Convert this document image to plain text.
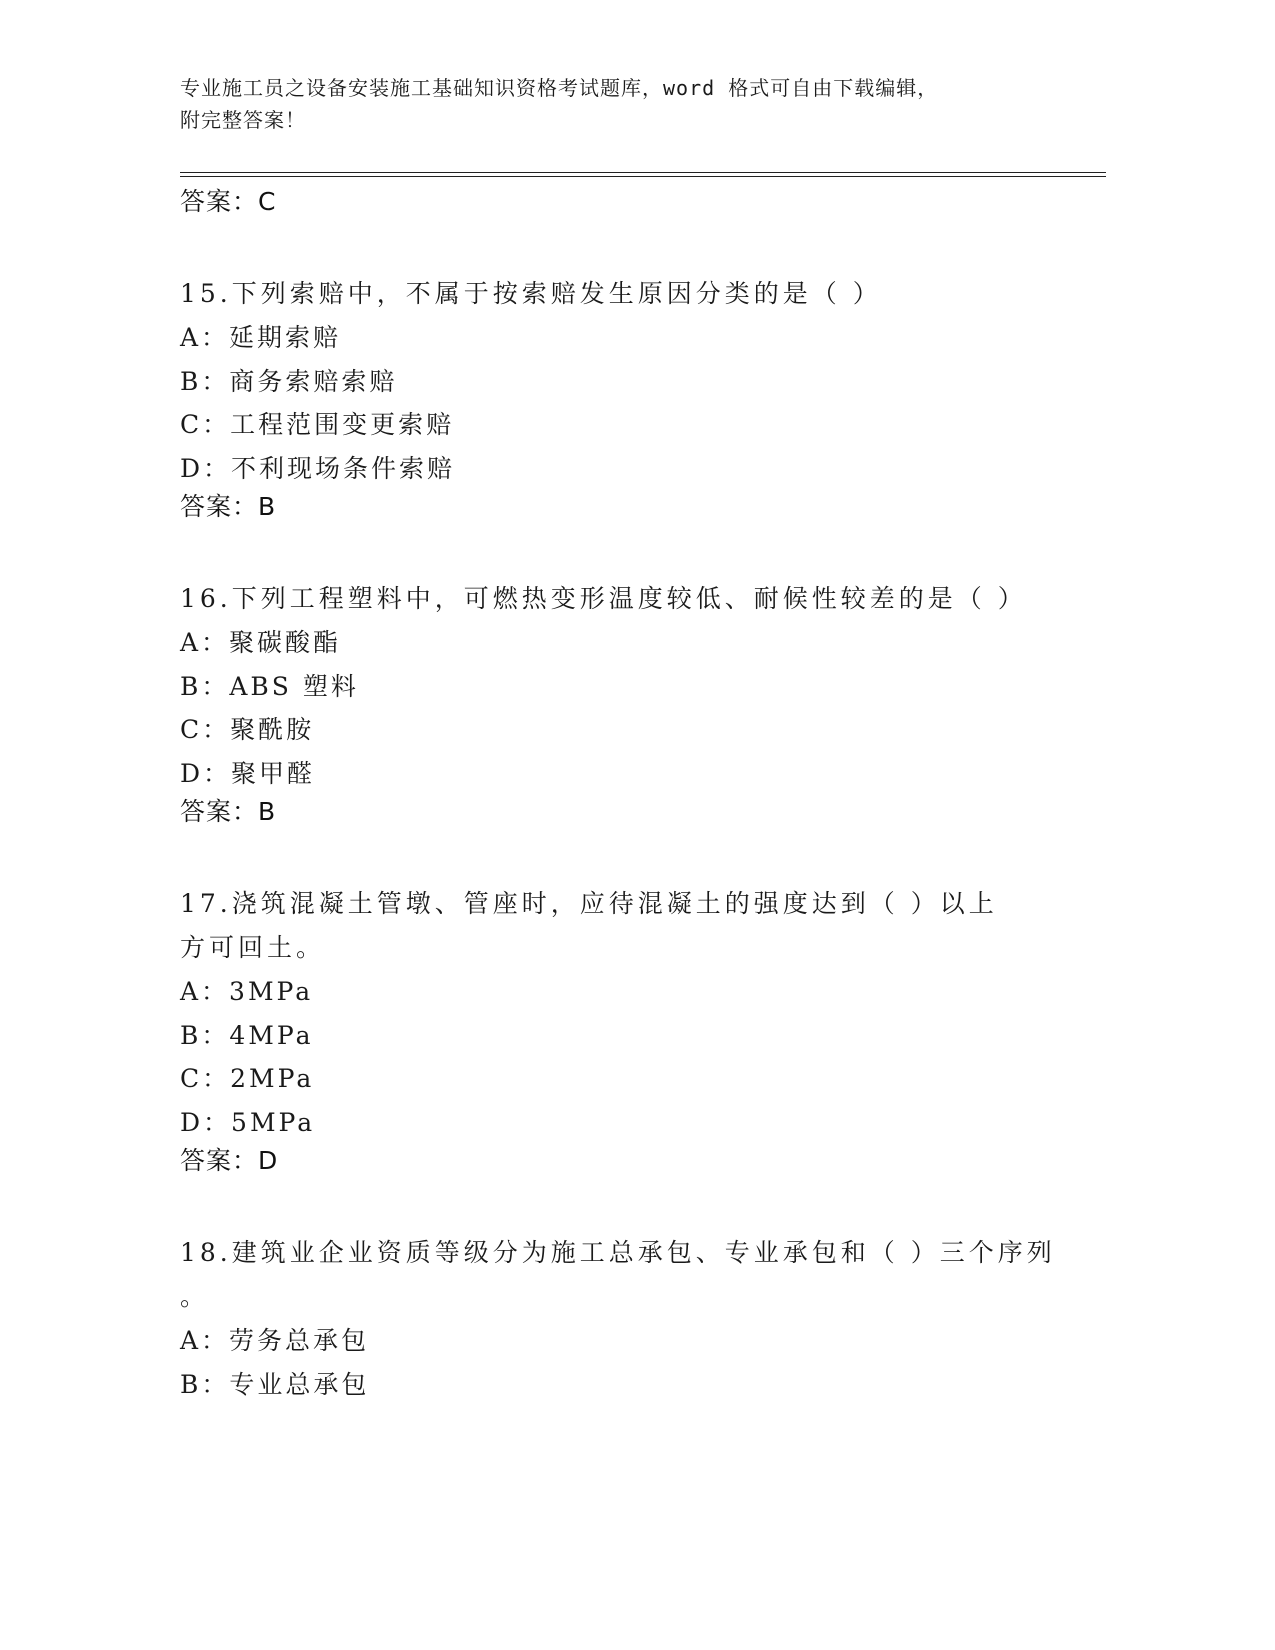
专业施工员之设备安装施工基础知识资格考试题库，word 格式可自由下载编辑，
附完整答案！
答案：C
15.下列索赔中，不属于按索赔发生原因分类的是（ ）
A：延期索赔
B：商务索赔索赔
C：工程范围变更索赔
D：不利现场条件索赔
答案：B
16.下列工程塑料中，可燃热变形温度较低、耐候性较差的是（ ）
A：聚碳酸酯
B：ABS 塑料
C：聚酰胺
D：聚甲醛
答案：B
17.浇筑混凝土管墩、管座时，应待混凝土的强度达到（ ）以上方可回土。
A：3MPa
B：4MPa
C：2MPa
D：5MPa
答案：D
18.建筑业企业资质等级分为施工总承包、专业承包和（ ）三个序列
。
A：劳务总承包
B：专业总承包
